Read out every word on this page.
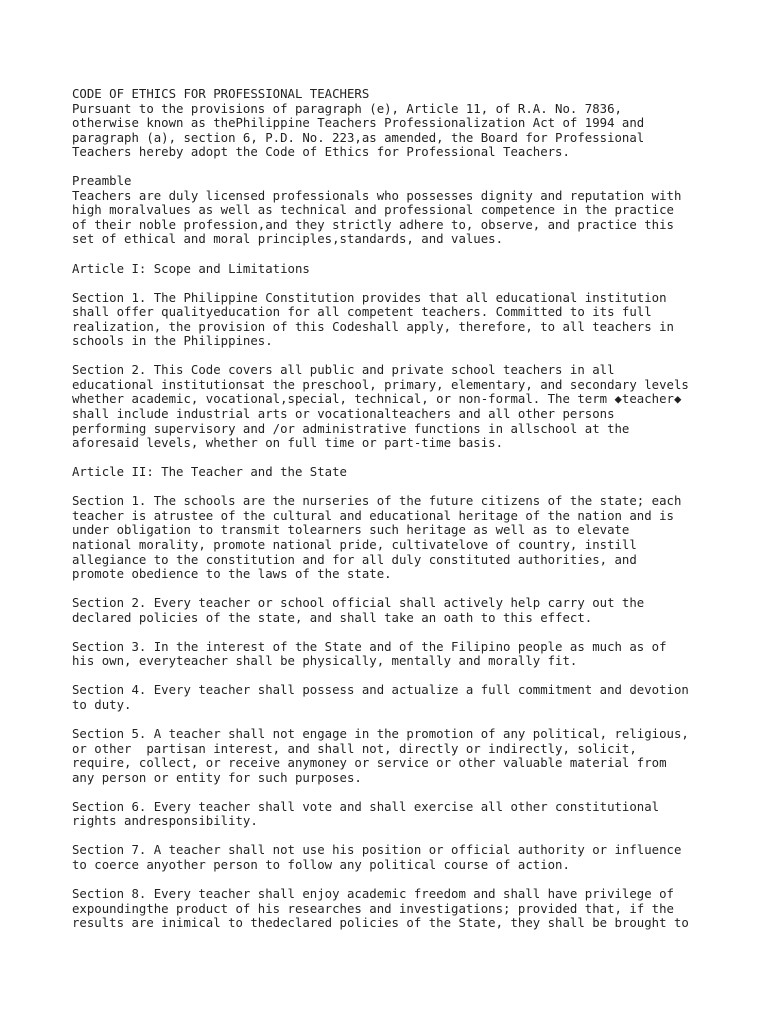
CODE OF ETHICS FOR PROFESSIONAL TEACHERS
Pursuant to the provisions of paragraph (e), Article 11, of R.A. No. 7836,
otherwise known as thePhilippine Teachers Professionalization Act of 1994 and
paragraph (a), section 6, P.D. No. 223,as amended, the Board for Professional
Teachers hereby adopt the Code of Ethics for Professional Teachers.
Preamble
Teachers are duly licensed professionals who possesses dignity and reputation with
high moralvalues as well as technical and professional competence in the practice
of their noble profession,and they strictly adhere to, observe, and practice this
set of ethical and moral principles,standards, and values.
Article I: Scope and Limitations
Section 1. The Philippine Constitution provides that all educational institution
shall offer qualityeducation for all competent teachers. Committed to its full
realization, the provision of this Codeshall apply, therefore, to all teachers in
schools in the Philippines.
Section 2. This Code covers all public and private school teachers in all
educational institutionsat the preschool, primary, elementary, and secondary levels
whether academic, vocational,special, technical, or non-formal. The term ◆teacher◆
shall include industrial arts or vocationalteachers and all other persons
performing supervisory and /or administrative functions in allschool at the
aforesaid levels, whether on full time or part-time basis.
Article II: The Teacher and the State
Section 1. The schools are the nurseries of the future citizens of the state; each
teacher is atrustee of the cultural and educational heritage of the nation and is
under obligation to transmit tolearners such heritage as well as to elevate
national morality, promote national pride, cultivatelove of country, instill
allegiance to the constitution and for all duly constituted authorities, and
promote obedience to the laws of the state.
Section 2. Every teacher or school official shall actively help carry out the
declared policies of the state, and shall take an oath to this effect.
Section 3. In the interest of the State and of the Filipino people as much as of
his own, everyteacher shall be physically, mentally and morally fit.
Section 4. Every teacher shall possess and actualize a full commitment and devotion
to duty.
Section 5. A teacher shall not engage in the promotion of any political, religious,
or other  partisan interest, and shall not, directly or indirectly, solicit,
require, collect, or receive anymoney or service or other valuable material from
any person or entity for such purposes.
Section 6. Every teacher shall vote and shall exercise all other constitutional
rights andresponsibility.
Section 7. A teacher shall not use his position or official authority or influence
to coerce anyother person to follow any political course of action.
Section 8. Every teacher shall enjoy academic freedom and shall have privilege of
expoundingthe product of his researches and investigations; provided that, if the
results are inimical to thedeclared policies of the State, they shall be brought to
